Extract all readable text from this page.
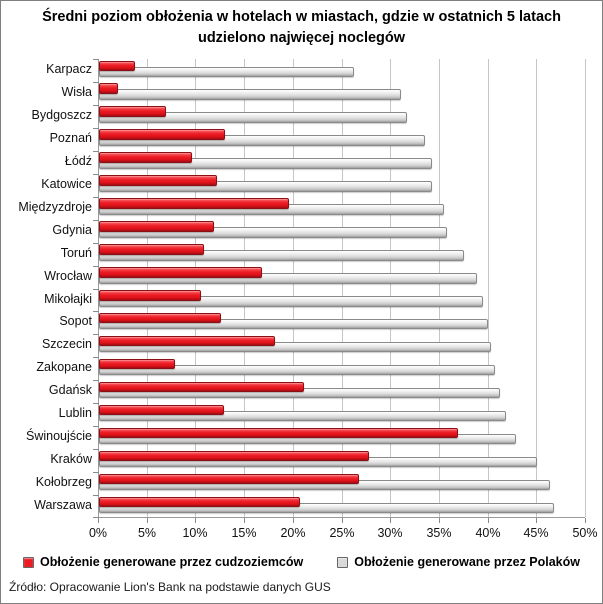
Średni poziom obłożenia w hotelach w miastach, gdzie w ostatnich 5 latach udzielono najwięcej noclegów
Karpacz
Wisła
Bydgoszcz
Poznań
Łódź
Katowice
Międzyzdroje
Gdynia
Toruń
Wrocław
Mikołajki
Sopot
Szczecin
Zakopane
Gdańsk
Lublin
Świnoujście
Kraków
Kołobrzeg
Warszawa
0%	5%	10%	15%	20%	25%	30%	35%	40%	45%	50%
Obłożenie generowane przez cudzoziemców	Obłożenie generowane przez Polaków
Źródło: Opracowanie Lion's Bank na podstawie danych GUS
